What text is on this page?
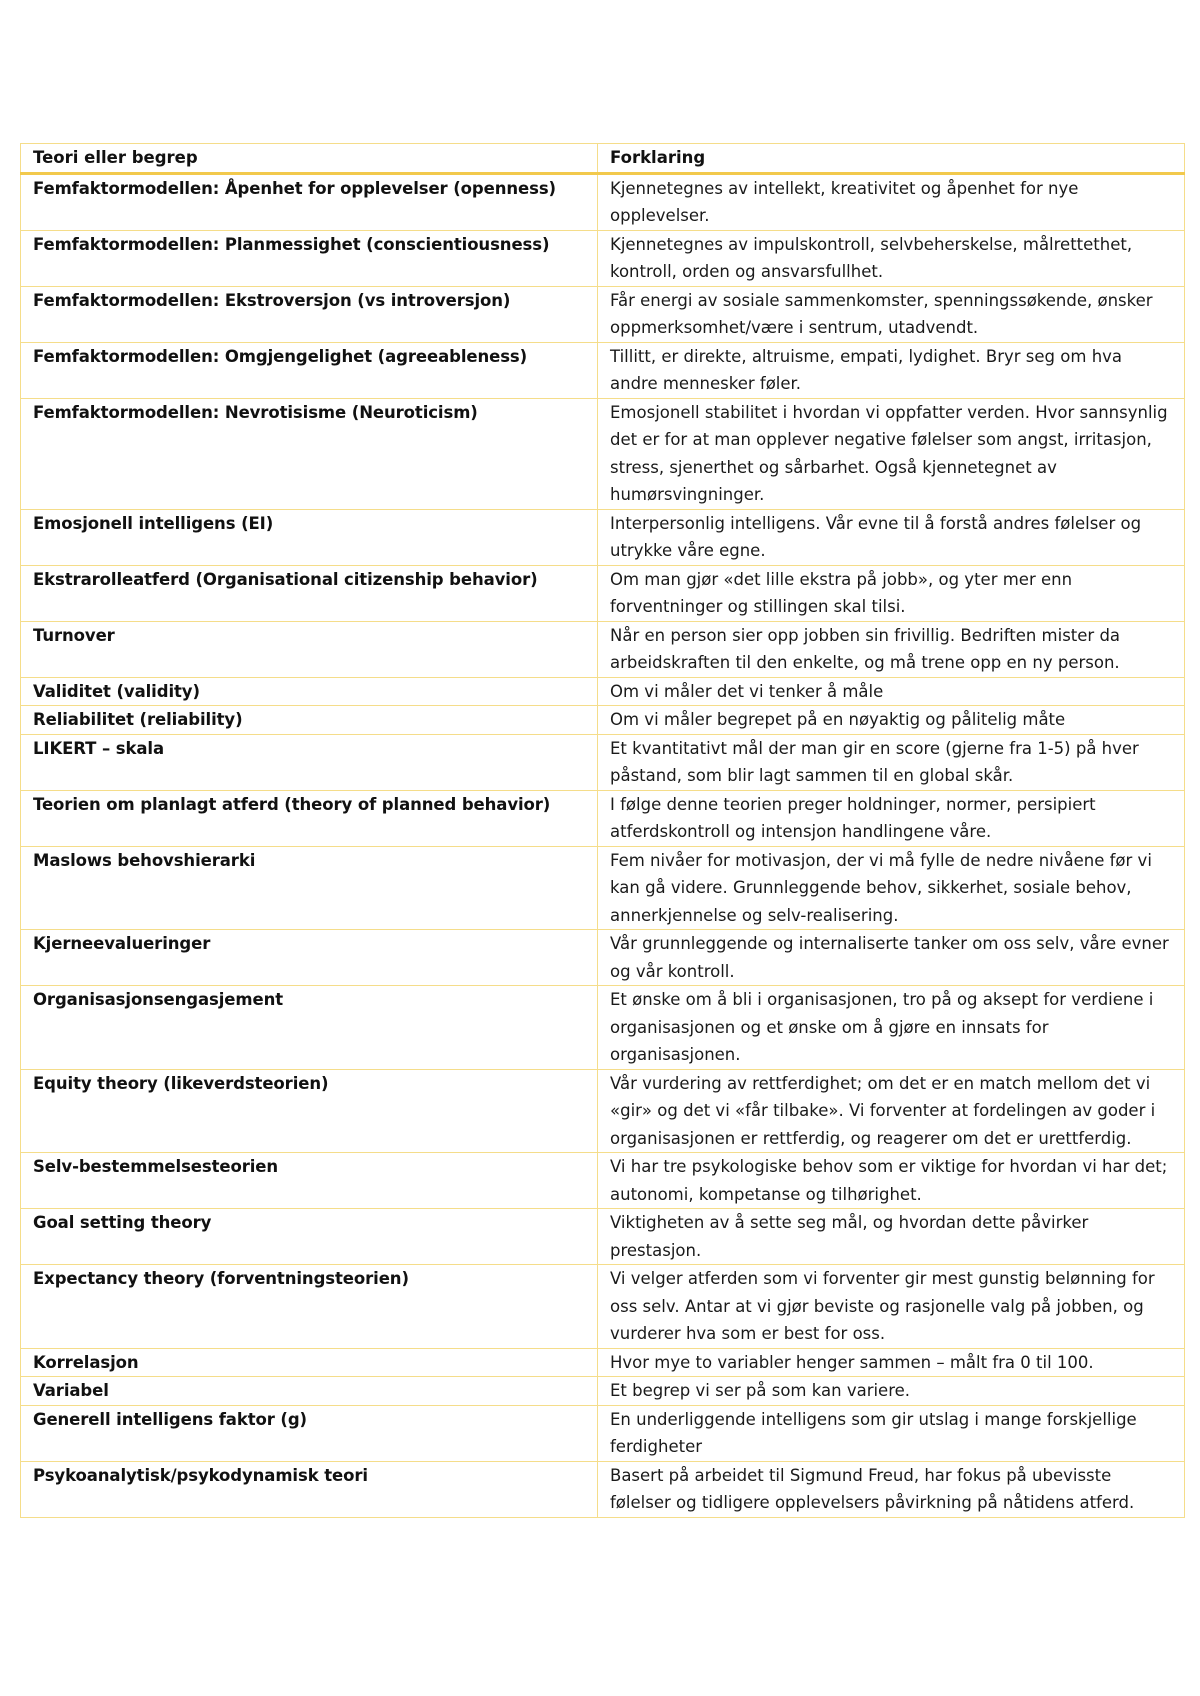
Teori eller begrep	Forklaring
Femfaktormodellen: Åpenhet for opplevelser (openness)	Kjennetegnes av intellekt, kreativitet og åpenhet for nye opplevelser.
Femfaktormodellen: Planmessighet (conscientiousness)	Kjennetegnes av impulskontroll, selvbeherskelse, målrettethet, kontroll, orden og ansvarsfullhet.
Femfaktormodellen: Ekstroversjon (vs introversjon)	Får energi av sosiale sammenkomster, spenningssøkende, ønsker oppmerksomhet/være i sentrum, utadvendt.
Femfaktormodellen: Omgjengelighet (agreeableness)	Tillitt, er direkte, altruisme, empati, lydighet. Bryr seg om hva andre mennesker føler.
Femfaktormodellen: Nevrotisisme (Neuroticism)	Emosjonell stabilitet i hvordan vi oppfatter verden. Hvor sannsynlig det er for at man opplever negative følelser som angst, irritasjon, stress, sjenerthet og sårbarhet. Også kjennetegnet av humørsvingninger.
Emosjonell intelligens (EI)	Interpersonlig intelligens. Vår evne til å forstå andres følelser og utrykke våre egne.
Ekstrarolleatferd (Organisational citizenship behavior)	Om man gjør «det lille ekstra på jobb», og yter mer enn forventninger og stillingen skal tilsi.
Turnover	Når en person sier opp jobben sin frivillig. Bedriften mister da arbeidskraften til den enkelte, og må trene opp en ny person.
Validitet (validity)	Om vi måler det vi tenker å måle
Reliabilitet (reliability)	Om vi måler begrepet på en nøyaktig og pålitelig måte
LIKERT – skala	Et kvantitativt mål der man gir en score (gjerne fra 1-5) på hver påstand, som blir lagt sammen til en global skår.
Teorien om planlagt atferd (theory of planned behavior)	I følge denne teorien preger holdninger, normer, persipiert atferdskontroll og intensjon handlingene våre.
Maslows behovshierarki	Fem nivåer for motivasjon, der vi må fylle de nedre nivåene før vi kan gå videre. Grunnleggende behov, sikkerhet, sosiale behov, annerkjennelse og selv-realisering.
Kjerneevalueringer	Vår grunnleggende og internaliserte tanker om oss selv, våre evner og vår kontroll.
Organisasjonsengasjement	Et ønske om å bli i organisasjonen, tro på og aksept for verdiene i organisasjonen og et ønske om å gjøre en innsats for organisasjonen.
Equity theory (likeverdsteorien)	Vår vurdering av rettferdighet; om det er en match mellom det vi «gir» og det vi «får tilbake». Vi forventer at fordelingen av goder i organisasjonen er rettferdig, og reagerer om det er urettferdig.
Selv-bestemmelsesteorien	Vi har tre psykologiske behov som er viktige for hvordan vi har det; autonomi, kompetanse og tilhørighet.
Goal setting theory	Viktigheten av å sette seg mål, og hvordan dette påvirker prestasjon.
Expectancy theory (forventningsteorien)	Vi velger atferden som vi forventer gir mest gunstig belønning for oss selv. Antar at vi gjør beviste og rasjonelle valg på jobben, og vurderer hva som er best for oss.
Korrelasjon	Hvor mye to variabler henger sammen – målt fra 0 til 100.
Variabel	Et begrep vi ser på som kan variere.
Generell intelligens faktor (g)	En underliggende intelligens som gir utslag i mange forskjellige ferdigheter
Psykoanalytisk/psykodynamisk teori	Basert på arbeidet til Sigmund Freud, har fokus på ubevisste følelser og tidligere opplevelsers påvirkning på nåtidens atferd.
